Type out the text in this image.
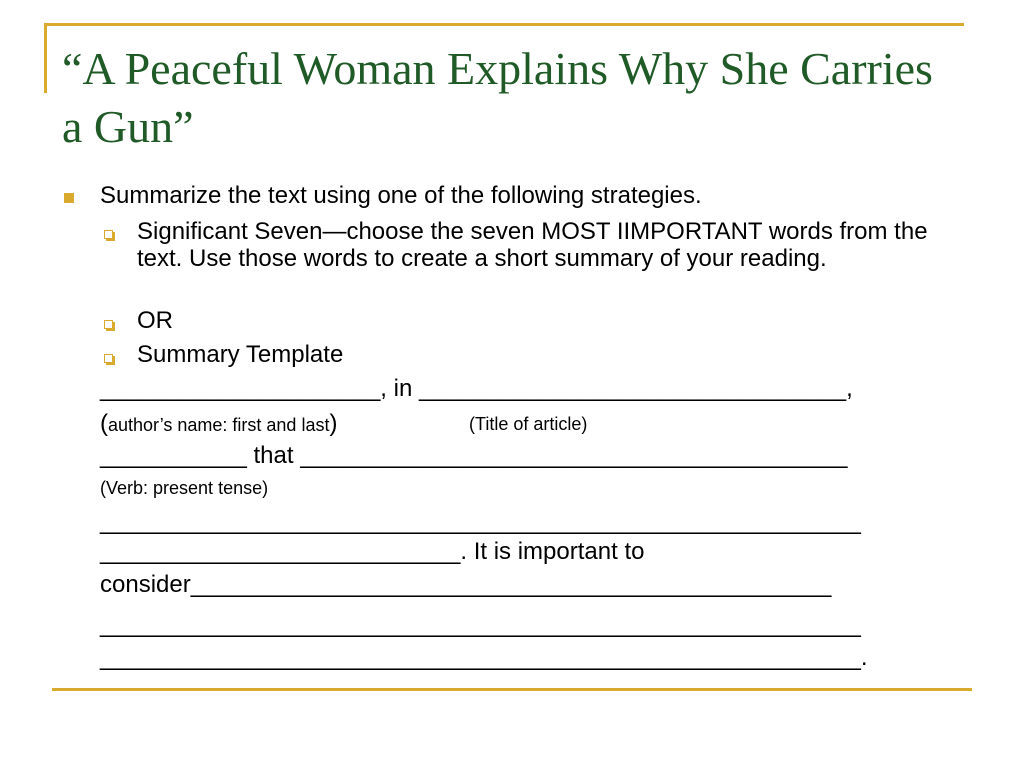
“A Peaceful Woman Explains Why She Carries a Gun”
Summarize the text using one of the following strategies.
Significant Seven—choose the seven MOST IIMPORTANT words from the text. Use those words to create a short summary of your reading.
OR
Summary Template
_____________________, in ________________________________,
(author’s name: first and last)	(Title of article)
___________ that _________________________________________
(Verb: present tense)
_________________________________________________________
___________________________. It is important to
consider________________________________________________
_________________________________________________________
_________________________________________________________.
